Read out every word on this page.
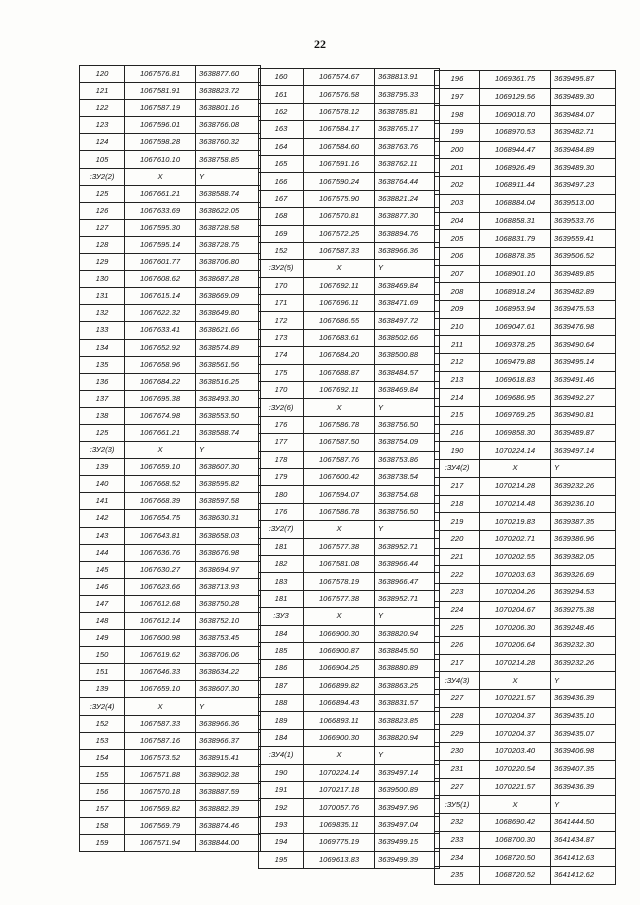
22
120	1067576.81	3638877.60
121	1067581.91	3638823.72
122	1067587.19	3638801.16
123	1067596.01	3638766.08
124	1067598.28	3638760.32
105	1067610.10	3638758.85
:ЗУ2(2)	X	Y
125	1067661.21	3638588.74
126	1067633.69	3638622.05
127	1067595.30	3638728.58
128	1067595.14	3638728.75
129	1067601.77	3638706.80
130	1067608.62	3638687.28
131	1067615.14	3638669.09
132	1067622.32	3638649.80
133	1067633.41	3638621.66
134	1067652.92	3638574.89
135	1067658.96	3638561.56
136	1067684.22	3638516.25
137	1067695.38	3638493.30
138	1067674.98	3638553.50
125	1067661.21	3638588.74
:ЗУ2(3)	X	Y
139	1067659.10	3638607.30
140	1067668.52	3638595.82
141	1067668.39	3638597.58
142	1067654.75	3638630.31
143	1067643.81	3638658.03
144	1067636.76	3638676.98
145	1067630.27	3638694.97
146	1067623.66	3638713.93
147	1067612.68	3638750.28
148	1067612.14	3638752.10
149	1067600.98	3638753.45
150	1067619.62	3638706.06
151	1067646.33	3638634.22
139	1067659.10	3638607.30
:ЗУ2(4)	X	Y
152	1067587.33	3638966.36
153	1067587.16	3638966.37
154	1067573.52	3638915.41
155	1067571.88	3638902.38
156	1067570.18	3638887.59
157	1067569.82	3638882.39
158	1067569.79	3638874.46
159	1067571.94	3638844.00
160	1067574.67	3638813.91
161	1067576.58	3638795.33
162	1067578.12	3638785.81
163	1067584.17	3638765.17
164	1067584.60	3638763.76
165	1067591.16	3638762.11
166	1067590.24	3638764.44
167	1067575.90	3638821.24
168	1067570.81	3638877.30
169	1067572.25	3638894.76
152	1067587.33	3638966.36
:ЗУ2(5)	X	Y
170	1067692.11	3638469.84
171	1067696.11	3638471.69
172	1067686.55	3638497.72
173	1067683.61	3638502.66
174	1067684.20	3638500.88
175	1067688.87	3638484.57
170	1067692.11	3638469.84
:ЗУ2(6)	X	Y
176	1067586.78	3638756.50
177	1067587.50	3638754.09
178	1067587.76	3638753.86
179	1067600.42	3638738.54
180	1067594.07	3638754.68
176	1067586.78	3638756.50
:ЗУ2(7)	X	Y
181	1067577.38	3638952.71
182	1067581.08	3638966.44
183	1067578.19	3638966.47
181	1067577.38	3638952.71
:ЗУ3	X	Y
184	1066900.30	3638820.94
185	1066900.87	3638845.50
186	1066904.25	3638880.89
187	1066899.82	3638863.25
188	1066894.43	3638831.57
189	1066893.11	3638823.85
184	1066900.30	3638820.94
:ЗУ4(1)	X	Y
190	1070224.14	3639497.14
191	1070217.18	3639500.89
192	1070057.76	3639497.96
193	1069835.11	3639497.04
194	1069775.19	3639499.15
195	1069613.83	3639499.39
196	1069361.75	3639495.87
197	1069129.56	3639489.30
198	1069018.70	3639484.07
199	1068970.53	3639482.71
200	1068944.47	3639484.89
201	1068926.49	3639489.30
202	1068911.44	3639497.23
203	1068884.04	3639513.00
204	1068858.31	3639533.76
205	1068831.79	3639559.41
206	1068878.35	3639506.52
207	1068901.10	3639489.85
208	1068918.24	3639482.89
209	1068953.94	3639475.53
210	1069047.61	3639476.98
211	1069378.25	3639490.64
212	1069479.88	3639495.14
213	1069618.83	3639491.46
214	1069686.95	3639492.27
215	1069769.25	3639490.81
216	1069858.30	3639489.87
190	1070224.14	3639497.14
:ЗУ4(2)	X	Y
217	1070214.28	3639232.26
218	1070214.48	3639236.10
219	1070219.83	3639387.35
220	1070202.71	3639386.96
221	1070202.55	3639382.05
222	1070203.63	3639326.69
223	1070204.26	3639294.53
224	1070204.67	3639275.38
225	1070206.30	3639248.46
226	1070206.64	3639232.30
217	1070214.28	3639232.26
:ЗУ4(3)	X	Y
227	1070221.57	3639436.39
228	1070204.37	3639435.10
229	1070204.37	3639435.07
230	1070203.40	3639406.98
231	1070220.54	3639407.35
227	1070221.57	3639436.39
:ЗУ5(1)	X	Y
232	1068690.42	3641444.50
233	1068700.30	3641434.87
234	1068720.50	3641412.63
235	1068720.52	3641412.62
